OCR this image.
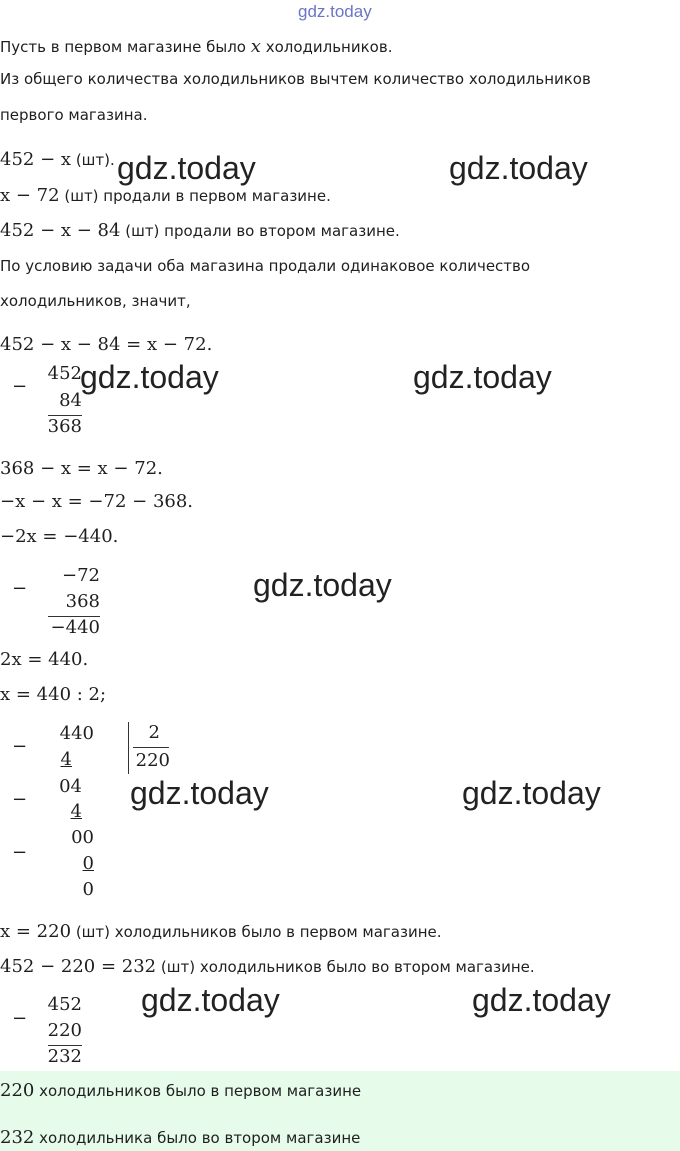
gdz.today
Пусть в первом магазине было x холодильников.
Из общего количества холодильников вычтем количество холодильников
первого магазина.
452 − x (шт).
x − 72 (шт) продали в первом магазине.
452 − x − 84 (шт) продали во втором магазине.
По условию задачи оба магазина продали одинаковое количество
холодильников, значит,
452 − x − 84 = x − 72.
−
452
84
368
368 − x = x − 72.
−x − x = −72 − 368.
−2x = −440.
−
−72
368
−440
2x = 440.
x = 440 : 2;
−
−
−
440
4
04
4
00
0
0
2
220
x = 220 (шт) холодильников было в первом магазине.
452 − 220 = 232 (шт) холодильников было во втором магазине.
−
452
220
232
220 холодильников было в первом магазине
232 холодильника было во втором магазине
gdz.today	gdz.today
gdz.today	gdz.today
gdz.today
gdz.today	gdz.today
gdz.today	gdz.today
